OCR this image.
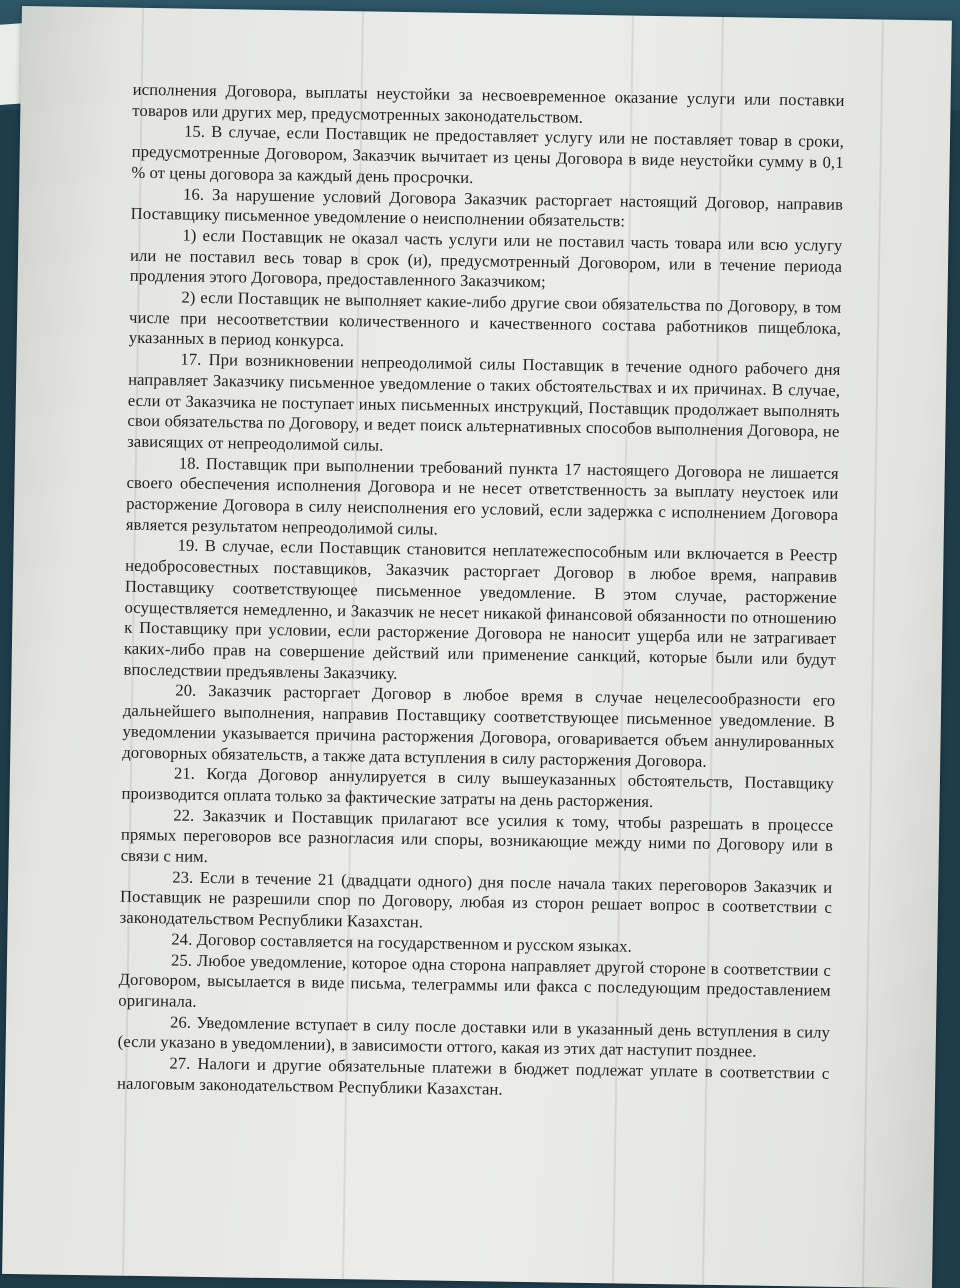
исполнения Договора, выплаты неустойки за несвоевременное оказание услуги или поставки товаров или других мер, предусмотренных законодательством.

15. В случае, если Поставщик не предоставляет услугу или не поставляет товар в сроки, предусмотренные Договором, Заказчик вычитает из цены Договора в виде неустойки сумму в 0,1 % от цены договора за каждый день просрочки.

16. За нарушение условий Договора Заказчик расторгает настоящий Договор, направив Поставщику письменное уведомление о неисполнении обязательств:

1) если Поставщик не оказал часть услуги или не поставил часть товара или всю услугу или не поставил весь товар в срок (и), предусмотренный Договором, или в течение периода продления этого Договора, предоставленного Заказчиком;

2) если Поставщик не выполняет какие-либо другие свои обязательства по Договору, в том числе при несоответствии количественного и качественного состава работников пищеблока, указанных в период конкурса.

17. При возникновении непреодолимой силы Поставщик в течение одного рабочего дня направляет Заказчику письменное уведомление о таких обстоятельствах и их причинах. В случае, если от Заказчика не поступает иных письменных инструкций, Поставщик продолжает выполнять свои обязательства по Договору, и ведет поиск альтернативных способов выполнения Договора, не зависящих от непреодолимой силы.

18. Поставщик при выполнении требований пункта 17 настоящего Договора не лишается своего обеспечения исполнения Договора и не несет ответственность за выплату неустоек или расторжение Договора в силу неисполнения его условий, если задержка с исполнением Договора является результатом непреодолимой силы.

19. В случае, если Поставщик становится неплатежеспособным или включается в Реестр недобросовестных поставщиков, Заказчик расторгает Договор в любое время, направив Поставщику соответствующее письменное уведомление. В этом случае, расторжение осуществляется немедленно, и Заказчик не несет никакой финансовой обязанности по отношению к Поставщику при условии, если расторжение Договора не наносит ущерба или не затрагивает каких-либо прав на совершение действий или применение санкций, которые были или будут впоследствии предъявлены Заказчику.

20. Заказчик расторгает Договор в любое время в случае нецелесообразности его дальнейшего выполнения, направив Поставщику соответствующее письменное уведомление. В уведомлении указывается причина расторжения Договора, оговаривается объем аннулированных договорных обязательств, а также дата вступления в силу расторжения Договора.

21. Когда Договор аннулируется в силу вышеуказанных обстоятельств, Поставщику производится оплата только за фактические затраты на день расторжения.

22. Заказчик и Поставщик прилагают все усилия к тому, чтобы разрешать в процессе прямых переговоров все разногласия или споры, возникающие между ними по Договору или в связи с ним.

23. Если в течение 21 (двадцати одного) дня после начала таких переговоров Заказчик и Поставщик не разрешили спор по Договору, любая из сторон решает вопрос в соответствии с законодательством Республики Казахстан.

24. Договор составляется на государственном и русском языках.

25. Любое уведомление, которое одна сторона направляет другой стороне в соответствии с Договором, высылается в виде письма, телеграммы или факса с последующим предоставлением оригинала.

26. Уведомление вступает в силу после доставки или в указанный день вступления в силу (если указано в уведомлении), в зависимости оттого, какая из этих дат наступит позднее.

27. Налоги и другие обязательные платежи в бюджет подлежат уплате в соответствии с налоговым законодательством Республики Казахстан.
